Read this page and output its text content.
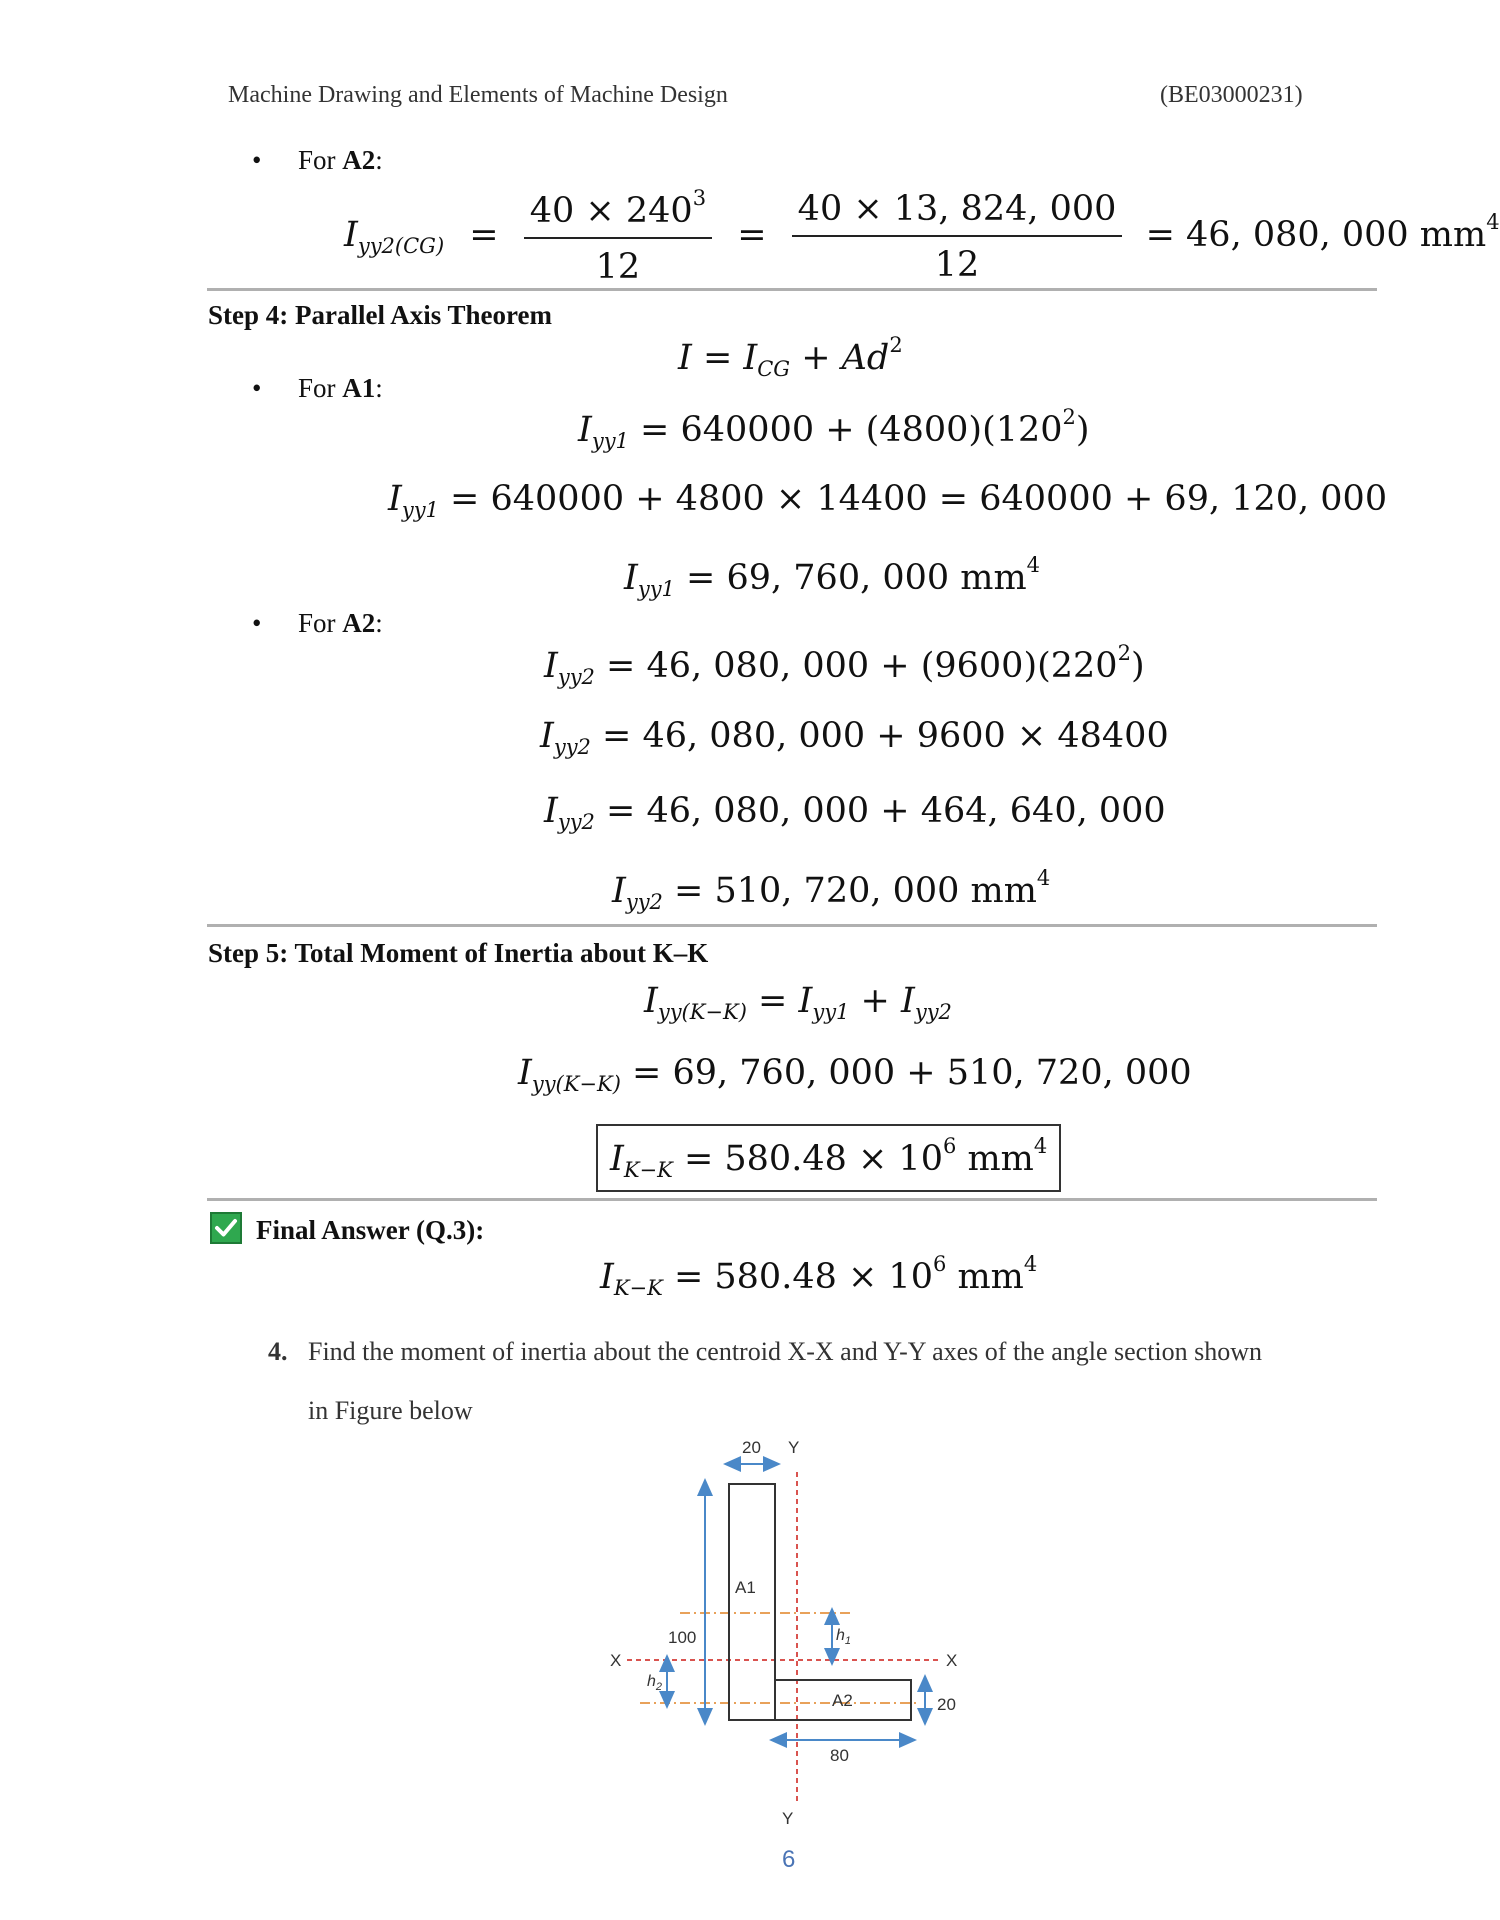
Machine Drawing and Elements of Machine Design	(BE03000231)
• For A2:
$I_{yy2(CG)} = \frac{40 \times 240^3}{12} = \frac{40 \times 13, 824, 000}{12} = 46$, 080, 000 $mm^4$
Step 4: Parallel Axis Theorem
$I = I_{CG} + Ad^2$
• For A1:
$I_{yy1} = 640000 + (4800)(120^2)$
$I_{yy1} = 640000 + 4800 \times 14400 = 640000 + 69$, 120, 000
$I_{yy1} = 69$, 760, 000 $mm^4$
• For A2:
$I_{yy2} = 46$, 080, $000 + (9600)(220^2)$
$I_{yy2} = 46$, 080, 000 + 9600 × 48400
$I_{yy2} = 46$, 080, 000 + 464, 640, 000
$I_{yy2} = 510$, 720, 000 $mm^4$
Step 5: Total Moment of Inertia about K–K
$I_{yy(K-K)} = I_{yy1} + I_{yy2}$
$I_{yy(K-K)} = 69$, 760, 000 + 510, 720, 000
$I_{K-K} = 580.48 \times 10^6$ $mm^4$
Final Answer (Q.3):
$I_{K-K} = 580.48 \times 10^6$ $mm^4$
4. Find the moment of inertia about the centroid X-X and Y-Y axes of the angle section shown
in Figure below
20 Y
Y
X	X
A1
A2
100	$h_1$
$h_2$
20
80
6
